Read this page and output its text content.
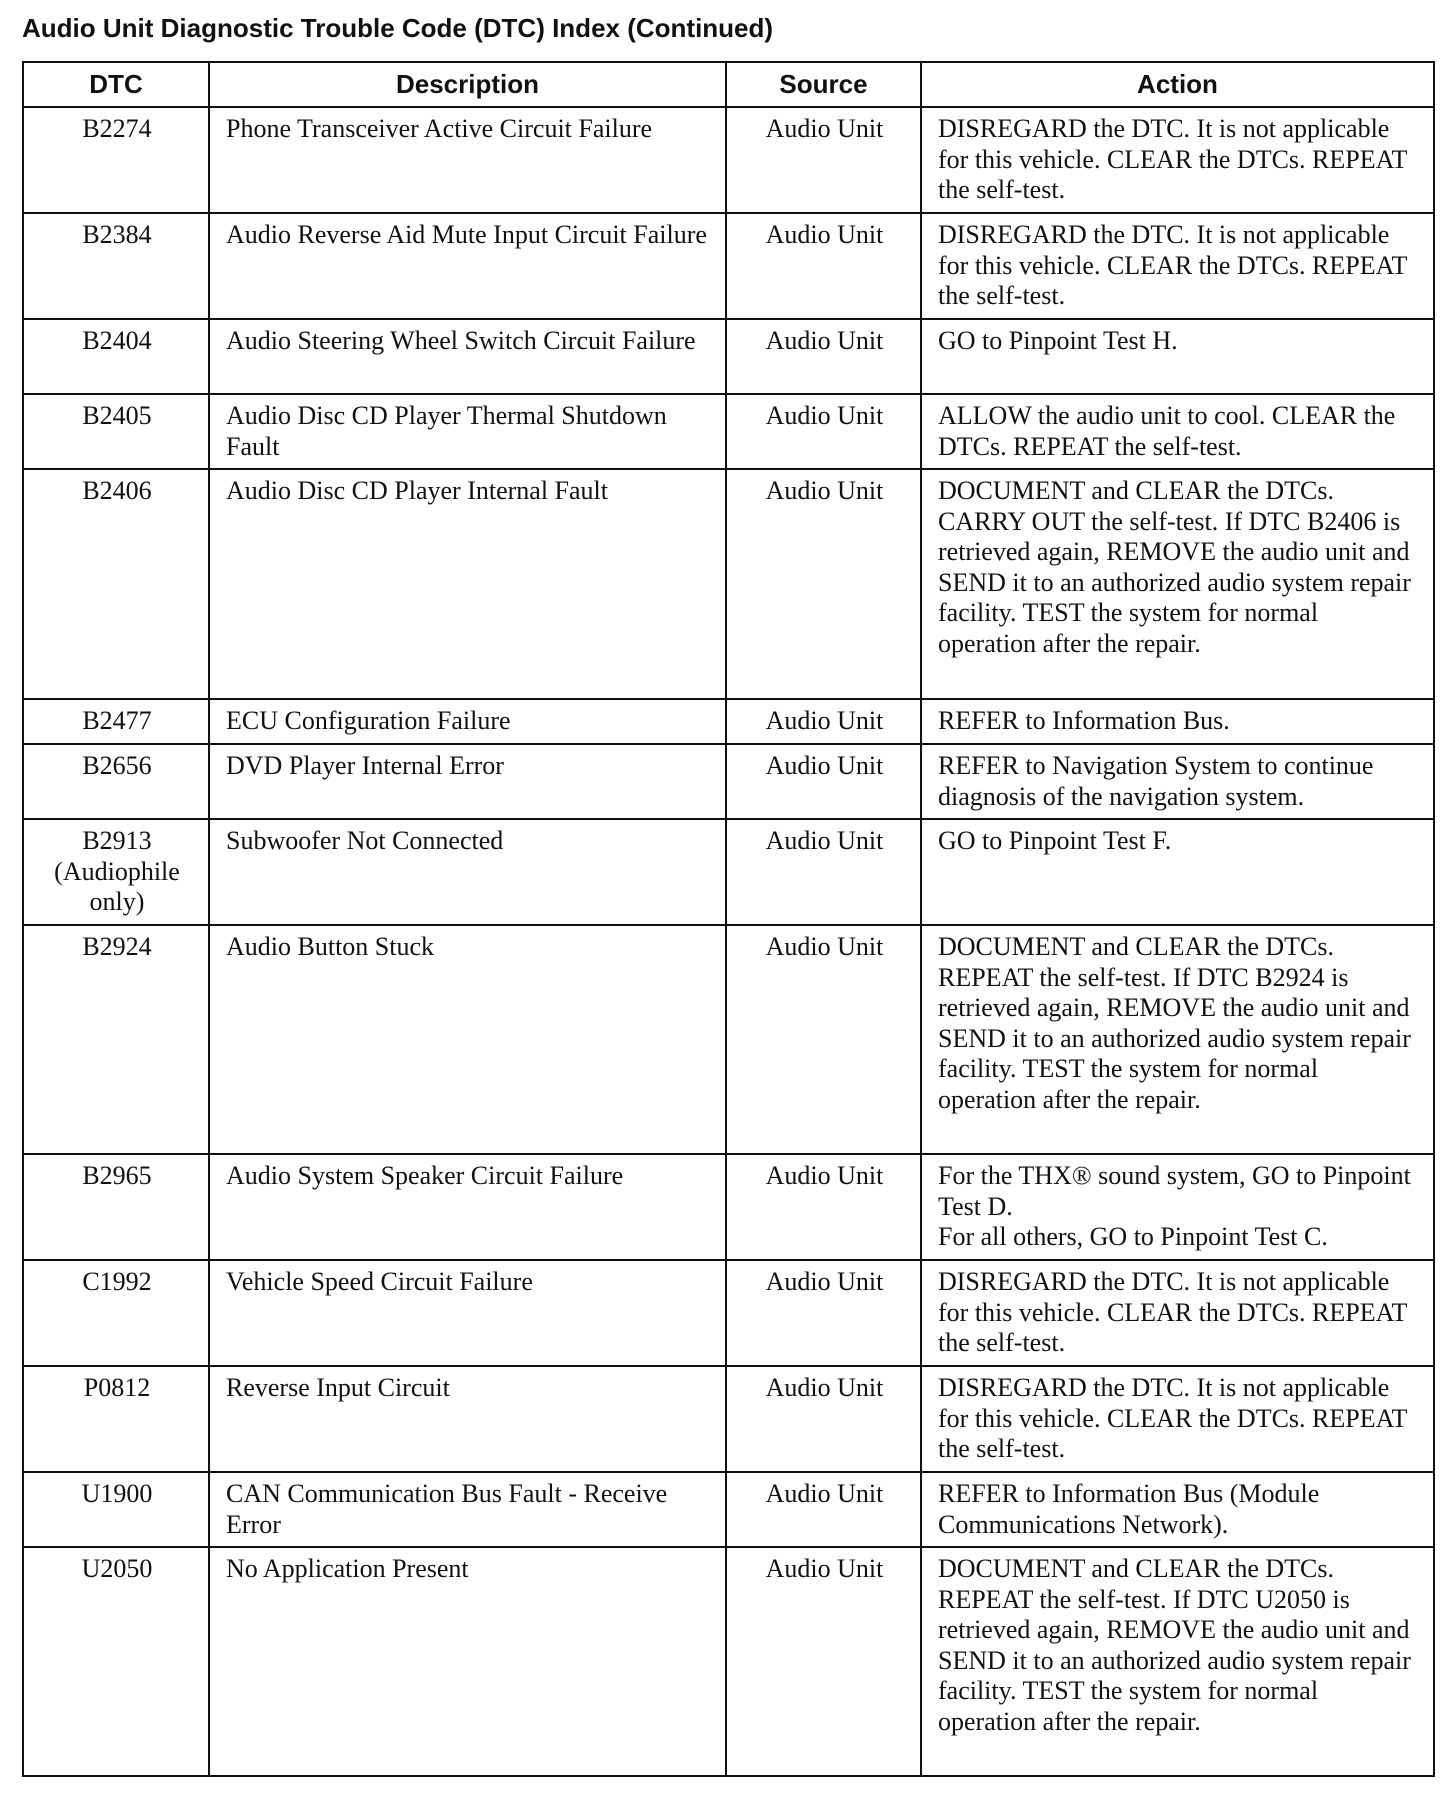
Audio Unit Diagnostic Trouble Code (DTC) Index (Continued)
DTC	Description	Source	Action

B2274	Phone Transceiver Active Circuit Failure	Audio Unit	DISREGARD the DTC. It is not applicable for this vehicle. CLEAR the DTCs. REPEAT the self-test.

B2384	Audio Reverse Aid Mute Input Circuit Failure	Audio Unit	DISREGARD the DTC. It is not applicable for this vehicle. CLEAR the DTCs. REPEAT the self-test.

B2404	Audio Steering Wheel Switch Circuit Failure	Audio Unit	GO to Pinpoint Test H.

B2405	Audio Disc CD Player Thermal Shutdown Fault	Audio Unit	ALLOW the audio unit to cool. CLEAR the DTCs. REPEAT the self-test.

B2406	Audio Disc CD Player Internal Fault	Audio Unit	DOCUMENT and CLEAR the DTCs. CARRY OUT the self-test. If DTC B2406 is retrieved again, REMOVE the audio unit and SEND it to an authorized audio system repair facility. TEST the system for normal operation after the repair.

B2477	ECU Configuration Failure	Audio Unit	REFER to Information Bus.

B2656	DVD Player Internal Error	Audio Unit	REFER to Navigation System to continue diagnosis of the navigation system.

B2913 (Audiophile only)	Subwoofer Not Connected	Audio Unit	GO to Pinpoint Test F.

B2924	Audio Button Stuck	Audio Unit	DOCUMENT and CLEAR the DTCs. REPEAT the self-test. If DTC B2924 is retrieved again, REMOVE the audio unit and SEND it to an authorized audio system repair facility. TEST the system for normal operation after the repair.

B2965	Audio System Speaker Circuit Failure	Audio Unit	For the THX® sound system, GO to Pinpoint Test D.
For all others, GO to Pinpoint Test C.

C1992	Vehicle Speed Circuit Failure	Audio Unit	DISREGARD the DTC. It is not applicable for this vehicle. CLEAR the DTCs. REPEAT the self-test.

P0812	Reverse Input Circuit	Audio Unit	DISREGARD the DTC. It is not applicable for this vehicle. CLEAR the DTCs. REPEAT the self-test.

U1900	CAN Communication Bus Fault - Receive Error	Audio Unit	REFER to Information Bus (Module Communications Network).

U2050	No Application Present	Audio Unit	DOCUMENT and CLEAR the DTCs. REPEAT the self-test. If DTC U2050 is retrieved again, REMOVE the audio unit and SEND it to an authorized audio system repair facility. TEST the system for normal operation after the repair.
